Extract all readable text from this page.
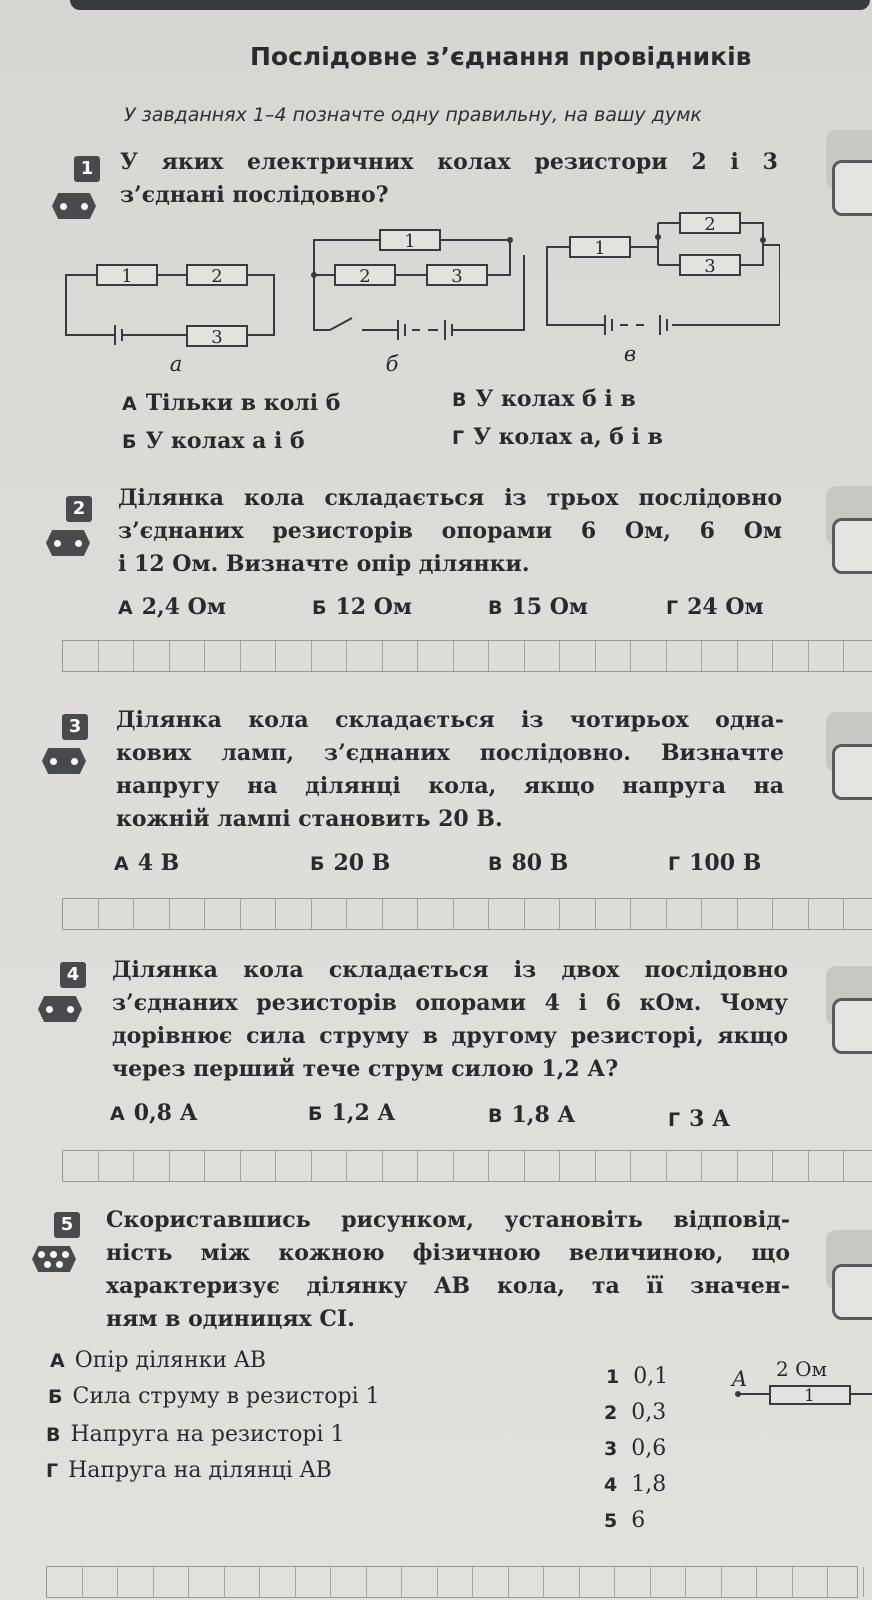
Послідовне з’єднання провідників
У завданнях 1–4 позначте одну правильну, на вашу думк
1	У яких електричних колах резистори 2 і 3
з’єднані послідовно?
1	2
3
1
2	3
1
2
3
а	б	в
А Тільки в колі б	В У колах б і в
Б У колах а і б	Г У колах а, б і в
2	Ділянка кола складається із трьох послідовно
з’єднаних резисторів опорами 6 Ом, 6 Ом
і 12 Ом. Визначте опір ділянки.
А 2,4 Ом	Б 12 Ом	В 15 Ом	Г 24 Ом
3	Ділянка кола складається із чотирьох одна-
кових ламп, з’єднаних послідовно. Визначте
напругу на ділянці кола, якщо напруга на
кожній лампі становить 20 В.
А 4 В	Б 20 В	В 80 В	Г 100 В
4	Ділянка кола складається із двох послідовно
з’єднаних резисторів опорами 4 і 6 кОм. Чому
дорівнює сила струму в другому резисторі, якщо
через перший тече струм силою 1,2 А?
А 0,8 А	Б 1,2 А	В 1,8 А	Г 3 А
5	Скориставшись рисунком, установіть відповід-
ність між кожною фізичною величиною, що
характеризує ділянку AB кола, та її значен-
ням в одиницях СІ.
А Опір ділянки AB
Б Сила струму в резисторі 1
В Напруга на резисторі 1
Г Напруга на ділянці AB
1 0,1
2 0,3
3 0,6
4 1,8
5 6
A 2 Ом
1
